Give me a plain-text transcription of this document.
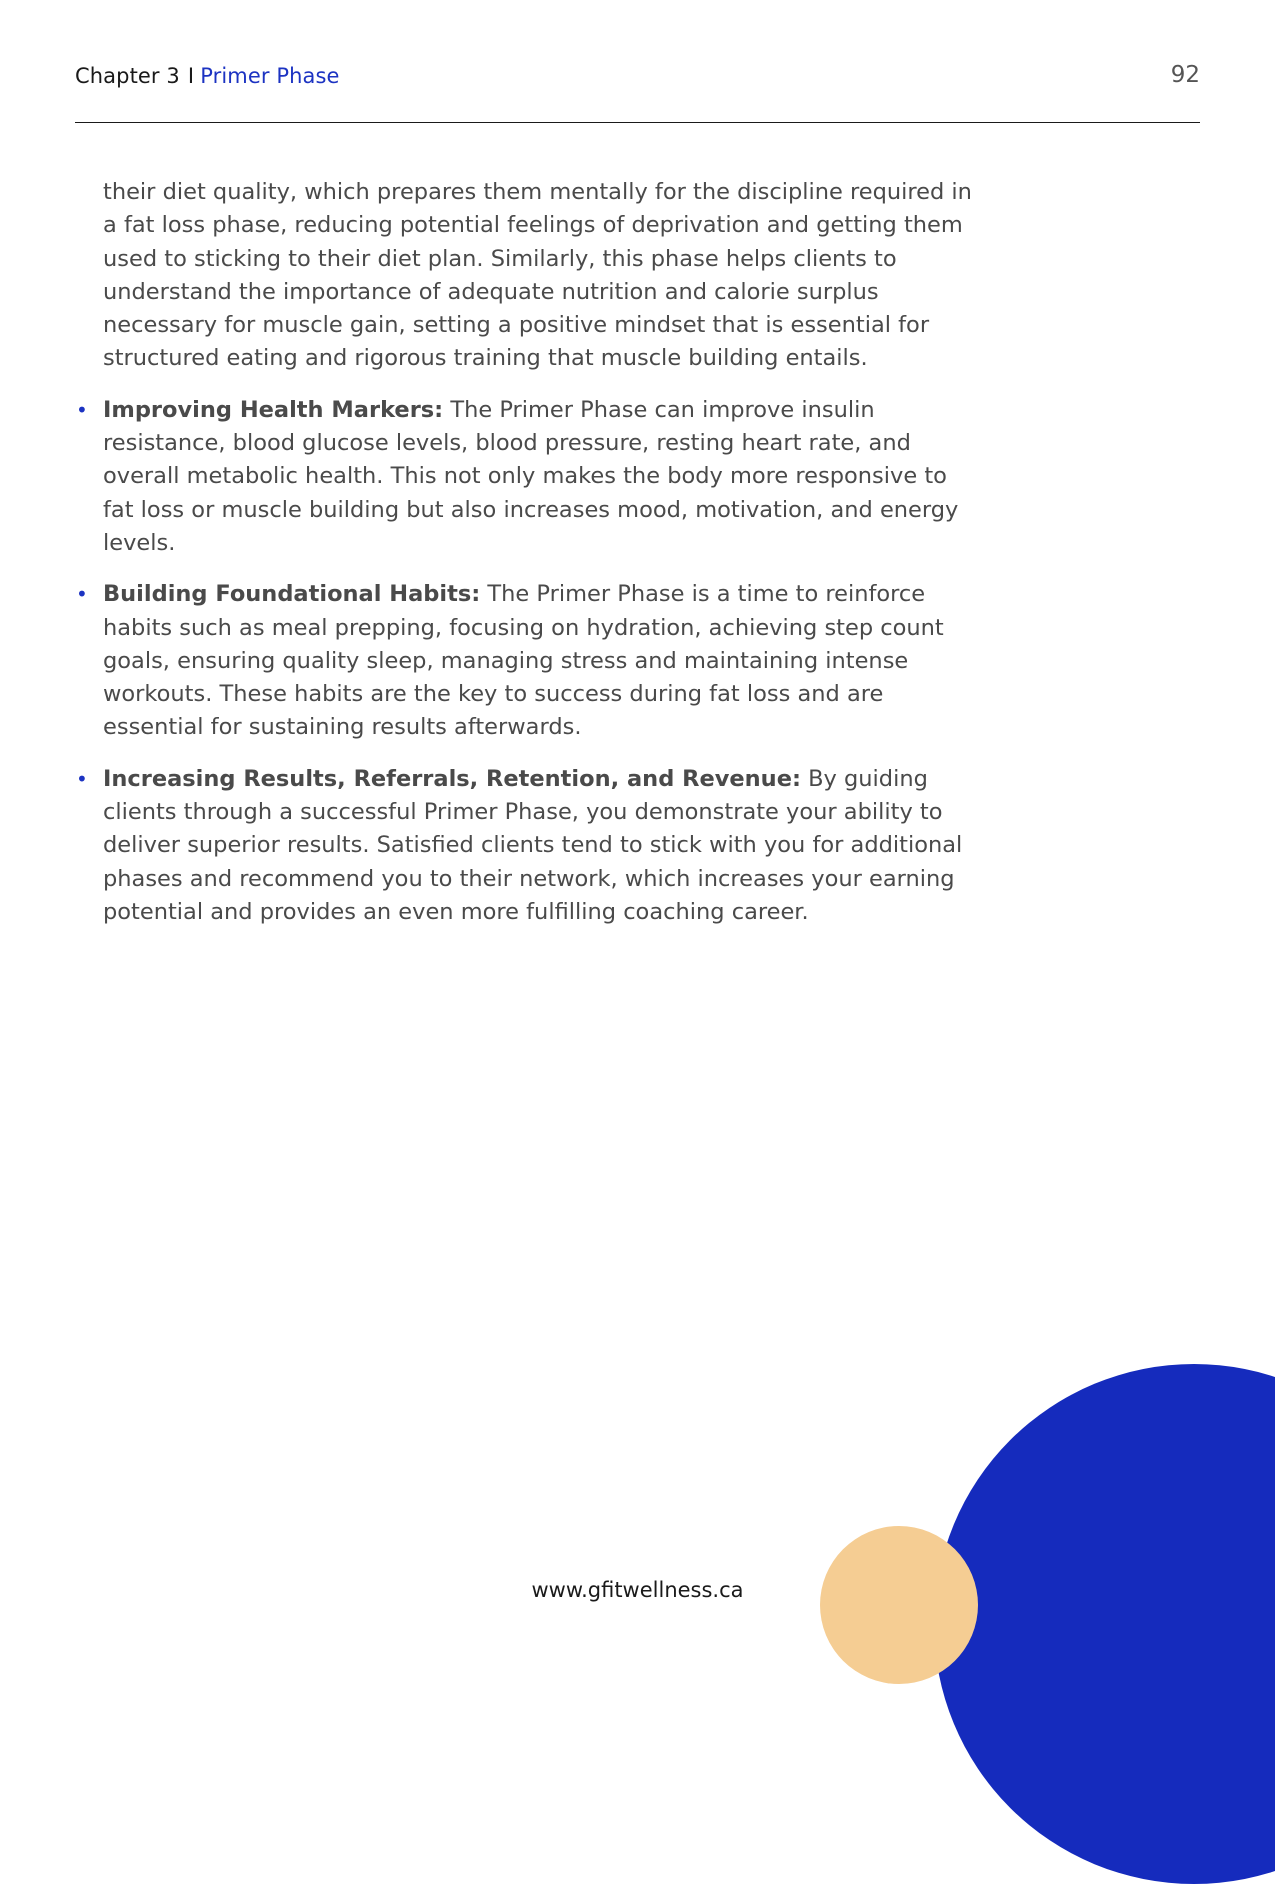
Chapter 3 I Primer Phase	92

their diet quality, which prepares them mentally for the discipline required in a fat loss phase, reducing potential feelings of deprivation and getting them used to sticking to their diet plan. Similarly, this phase helps clients to understand the importance of adequate nutrition and calorie surplus necessary for muscle gain, setting a positive mindset that is essential for structured eating and rigorous training that muscle building entails.

• Improving Health Markers: The Primer Phase can improve insulin resistance, blood glucose levels, blood pressure, resting heart rate, and overall metabolic health. This not only makes the body more responsive to fat loss or muscle building but also increases mood, motivation, and energy levels.
• Building Foundational Habits: The Primer Phase is a time to reinforce habits such as meal prepping, focusing on hydration, achieving step count goals, ensuring quality sleep, managing stress and maintaining intense workouts. These habits are the key to success during fat loss and are essential for sustaining results afterwards.
• Increasing Results, Referrals, Retention, and Revenue: By guiding clients through a successful Primer Phase, you demonstrate your ability to deliver superior results. Satisfied clients tend to stick with you for additional phases and recommend you to their network, which increases your earning potential and provides an even more fulfilling coaching career.
www.gfitwellness.ca
